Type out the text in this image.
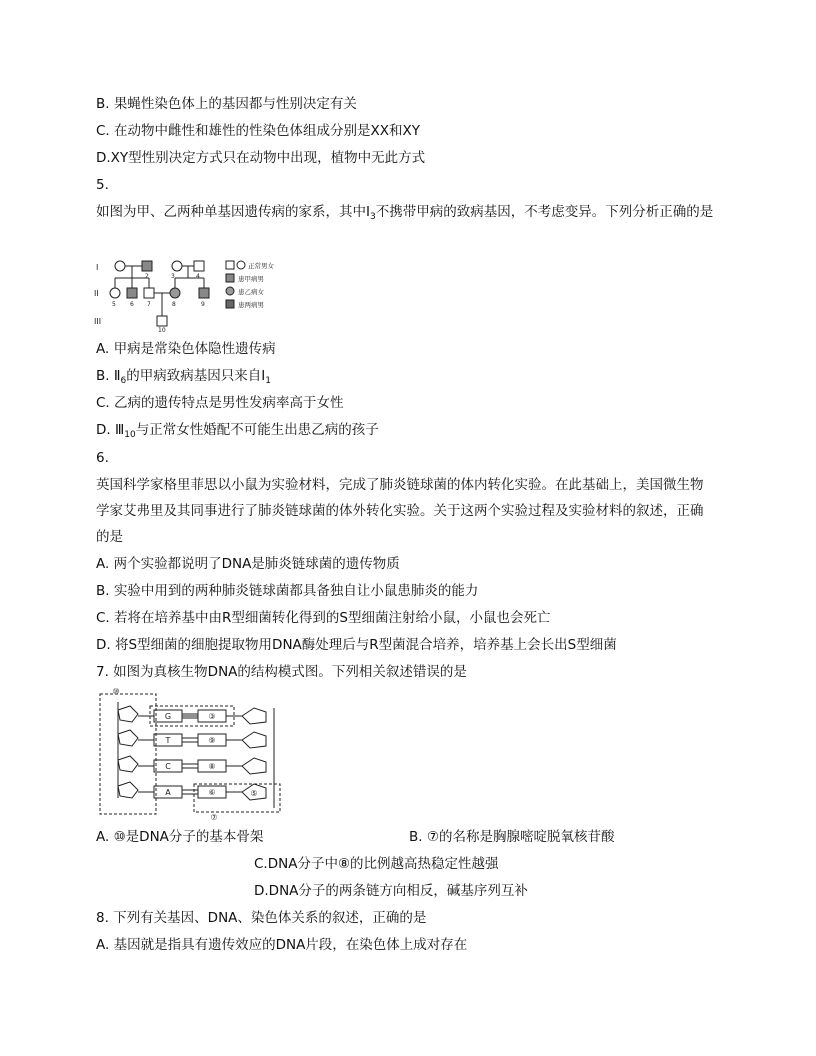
B. 果蝇性染色体上的基因都与性别决定有关
C. 在动物中雌性和雄性的性染色体组成分别是XX和XY
D.XY型性别决定方式只在动物中出现，植物中无此方式
5.
如图为甲、乙两种单基因遗传病的家系，其中$Ⅰ_3$不携带甲病的致病基因，不考虑变异。下列分析正确的是
I
II
III
2	3	4
5 6 7	8	9
10
正常男女
患甲病男
患乙病女
患两病男
A. 甲病是常染色体隐性遗传病
B. $Ⅱ_6$的甲病致病基因只来自$Ⅰ_1$
C. 乙病的遗传特点是男性发病率高于女性
D. $Ⅲ_{10}$与正常女性婚配不可能生出患乙病的孩子
6.
英国科学家格里菲思以小鼠为实验材料，完成了肺炎链球菌的体内转化实验。在此基础上，美国微生物学家艾弗里及其同事进行了肺炎链球菌的体外转化实验。关于这两个实验过程及实验材料的叙述，正确的是
A. 两个实验都说明了DNA是肺炎链球菌的遗传物质
B. 实验中用到的两种肺炎链球菌都具备独自让小鼠患肺炎的能力
C. 若将在培养基中由R型细菌转化得到的S型细菌注射给小鼠，小鼠也会死亡
D. 将S型细菌的细胞提取物用DNA酶处理后与R型菌混合培养，培养基上会长出S型细菌
7. 如图为真核生物DNA的结构模式图。下列相关叙述错误的是
G
T
C
A
③
⑨
⑧
⑥	⑤
⑩
⑦
A. ⑩是DNA分子的基本骨架	B. ⑦的名称是胸腺嘧啶脱氧核苷酸
C.DNA分子中⑧的比例越高热稳定性越强
D.DNA分子的两条链方向相反，碱基序列互补
8. 下列有关基因、DNA、染色体关系的叙述，正确的是
A. 基因就是指具有遗传效应的DNA片段，在染色体上成对存在
